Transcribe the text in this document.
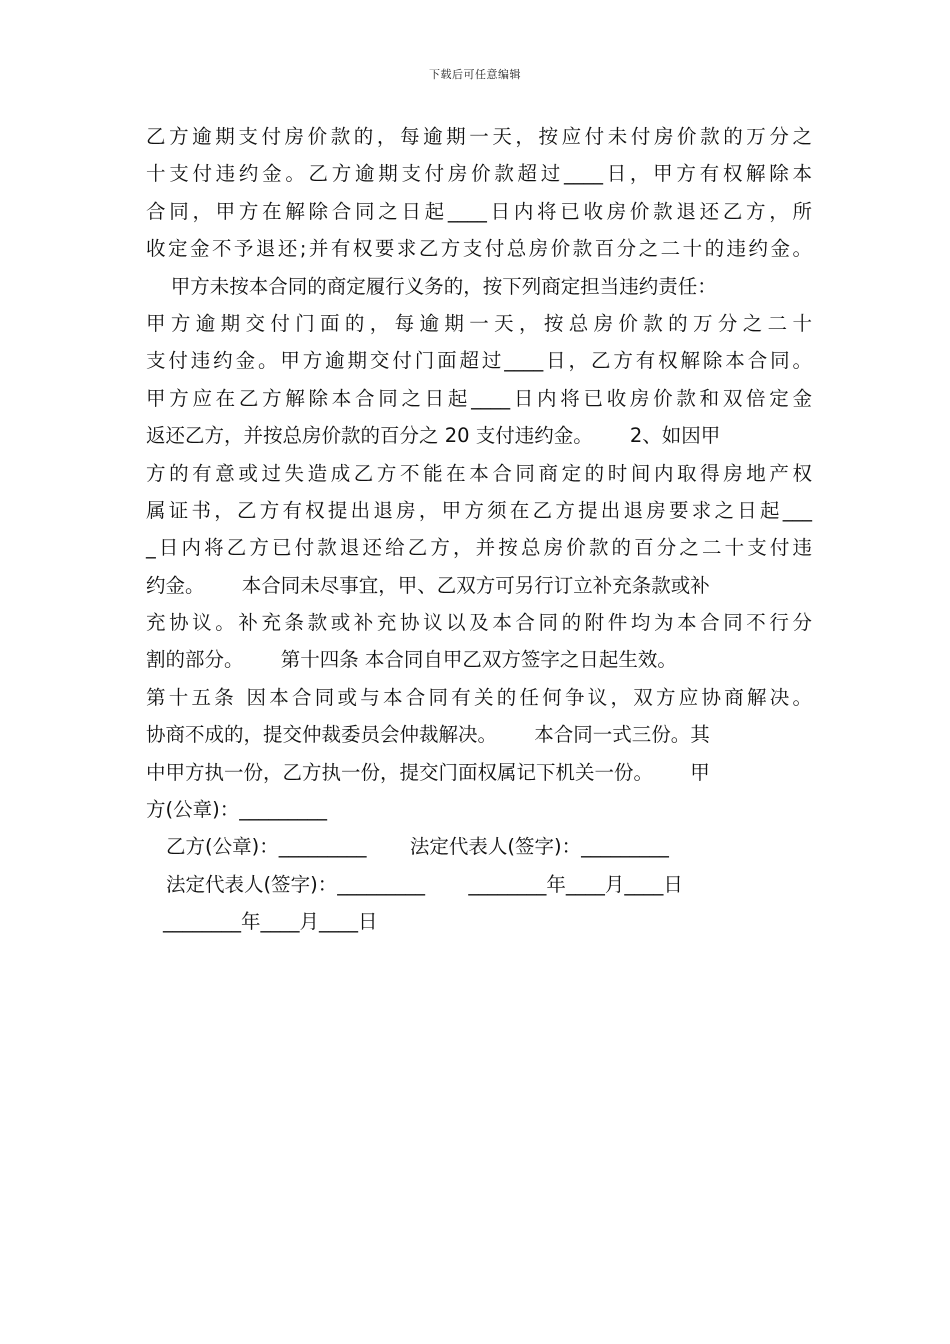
下载后可任意编辑
乙方逾期支付房价款的，每逾期一天，按应付未付房价款的万分之
十支付违约金。乙方逾期支付房价款超过____日，甲方有权解除本
合同，甲方在解除合同之日起____日内将已收房价款退还乙方，所
收定金不予退还;并有权要求乙方支付总房价款百分之二十的违约金。
甲方未按本合同的商定履行义务的，按下列商定担当违约责任：
甲方逾期交付门面的，每逾期一天，按总房价款的万分之二十
支付违约金。甲方逾期交付门面超过____日，乙方有权解除本合同。
甲方应在乙方解除本合同之日起____日内将已收房价款和双倍定金
返还乙方，并按总房价款的百分之 20 支付违约金。      2、如因甲
方的有意或过失造成乙方不能在本合同商定的时间内取得房地产权
属证书，乙方有权提出退房，甲方须在乙方提出退房要求之日起___
_日内将乙方已付款退还给乙方，并按总房价款的百分之二十支付违
约金。      本合同未尽事宜，甲、乙双方可另行订立补充条款或补
充协议。补充条款或补充协议以及本合同的附件均为本合同不行分
割的部分。      第十四条 本合同自甲乙双方签字之日起生效。
第十五条 因本合同或与本合同有关的任何争议，双方应协商解决。
协商不成的，提交仲裁委员会仲裁解决。      本合同一式三份。其
中甲方执一份，乙方执一份，提交门面权属记下机关一份。      甲
方(公章)：_________
乙方(公章)：_________       法定代表人(签字)：_________
法定代表人(签字)：_________       ________年____月____日
________年____月____日
